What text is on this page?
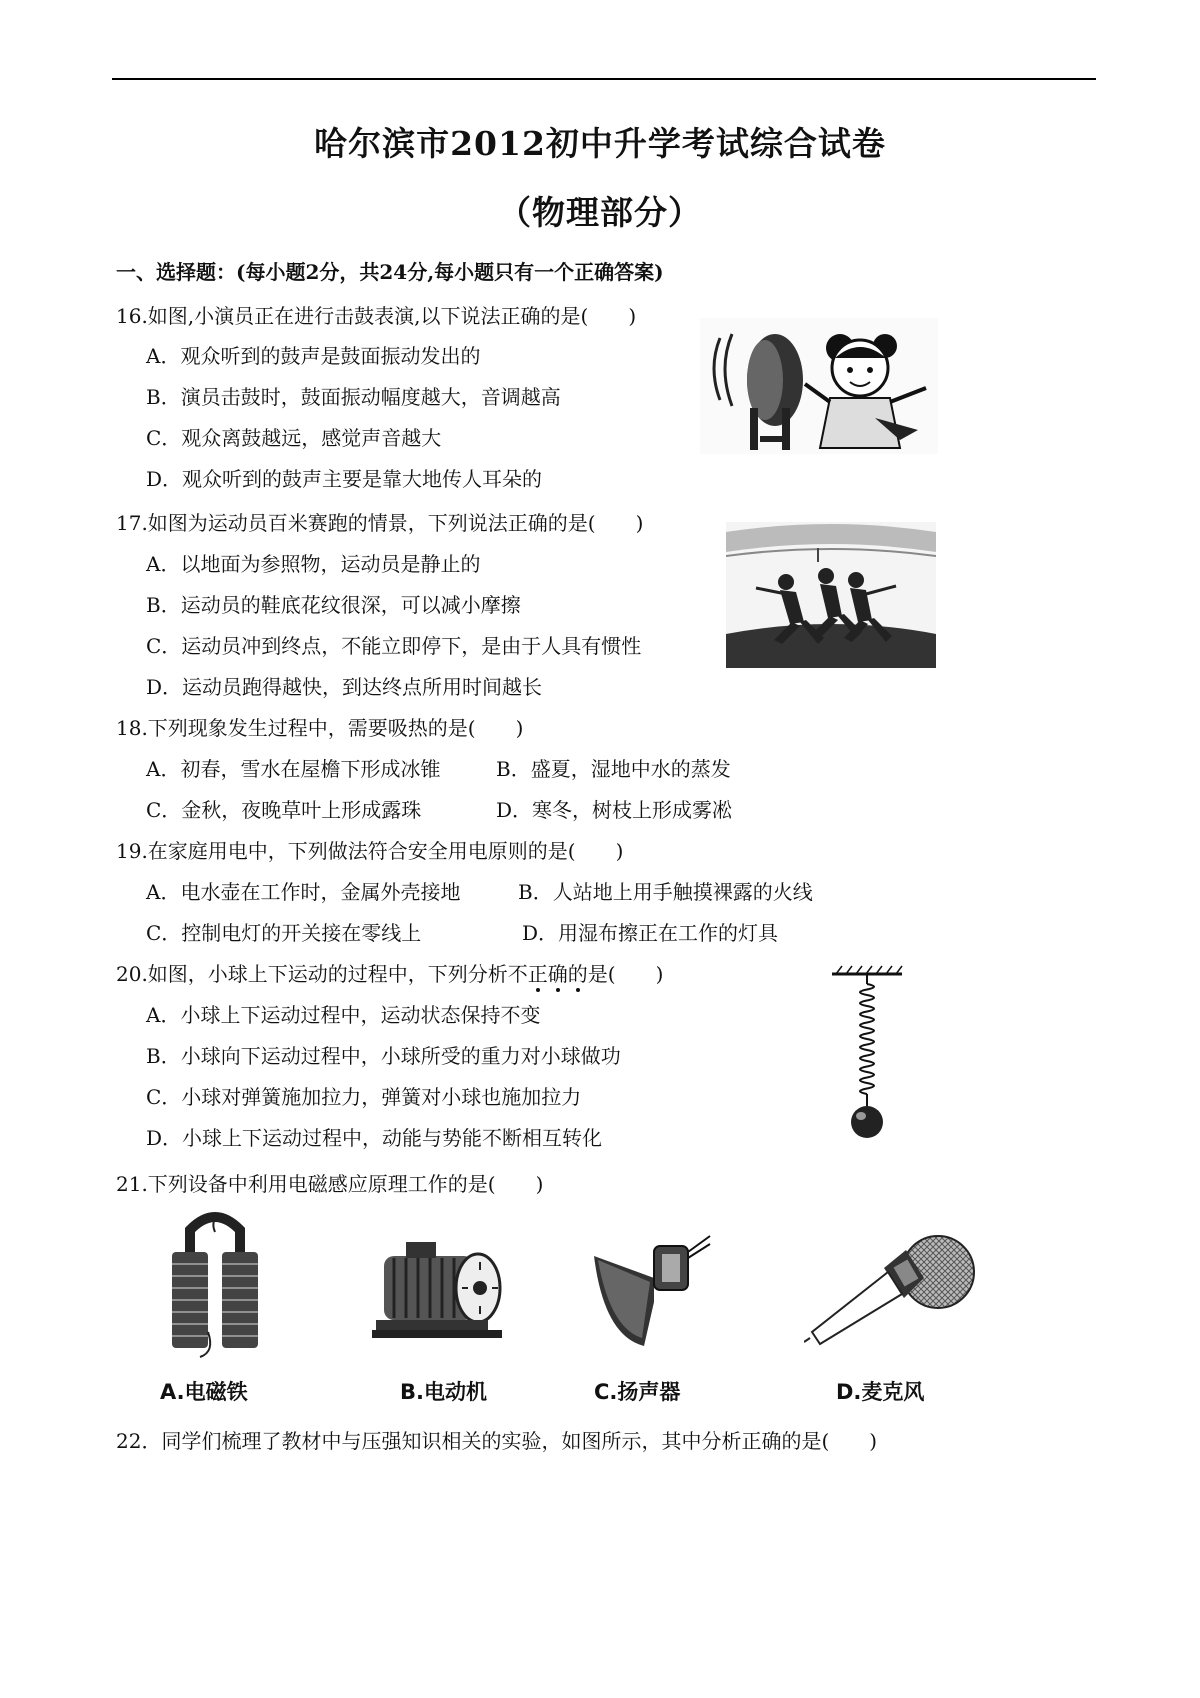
哈尔滨市2012初中升学考试综合试卷
（物理部分）
一、选择题：(每小题2分，共24分,每小题只有一个正确答案)
16.如图,小演员正在进行击鼓表演,以下说法正确的是(　　)
A．观众听到的鼓声是鼓面振动发出的
B．演员击鼓时，鼓面振动幅度越大，音调越高
C．观众离鼓越远，感觉声音越大
D．观众听到的鼓声主要是靠大地传人耳朵的
17.如图为运动员百米赛跑的情景，下列说法正确的是(　　)
A．以地面为参照物，运动员是静止的
B．运动员的鞋底花纹很深，可以减小摩擦
C．运动员冲到终点，不能立即停下，是由于人具有惯性
D．运动员跑得越快，到达终点所用时间越长
18.下列现象发生过程中，需要吸热的是(　　)
A．初春，雪水在屋檐下形成冰锥	B．盛夏，湿地中水的蒸发
C．金秋，夜晚草叶上形成露珠	D．寒冬，树枝上形成雾凇
19.在家庭用电中，下列做法符合安全用电原则的是(　　)
A．电水壶在工作时，金属外壳接地	B．人站地上用手触摸裸露的火线
C．控制电灯的开关接在零线上	D．用湿布擦正在工作的灯具
20.如图，小球上下运动的过程中，下列分析不正确的是(　　)
A．小球上下运动过程中，运动状态保持不变
B．小球向下运动过程中，小球所受的重力对小球做功
C．小球对弹簧施加拉力，弹簧对小球也施加拉力
D．小球上下运动过程中，动能与势能不断相互转化
21.下列设备中利用电磁感应原理工作的是(　　)
A.电磁铁	B.电动机	C.扬声器	D.麦克风
22．同学们梳理了教材中与压强知识相关的实验，如图所示，其中分析正确的是(　　)
